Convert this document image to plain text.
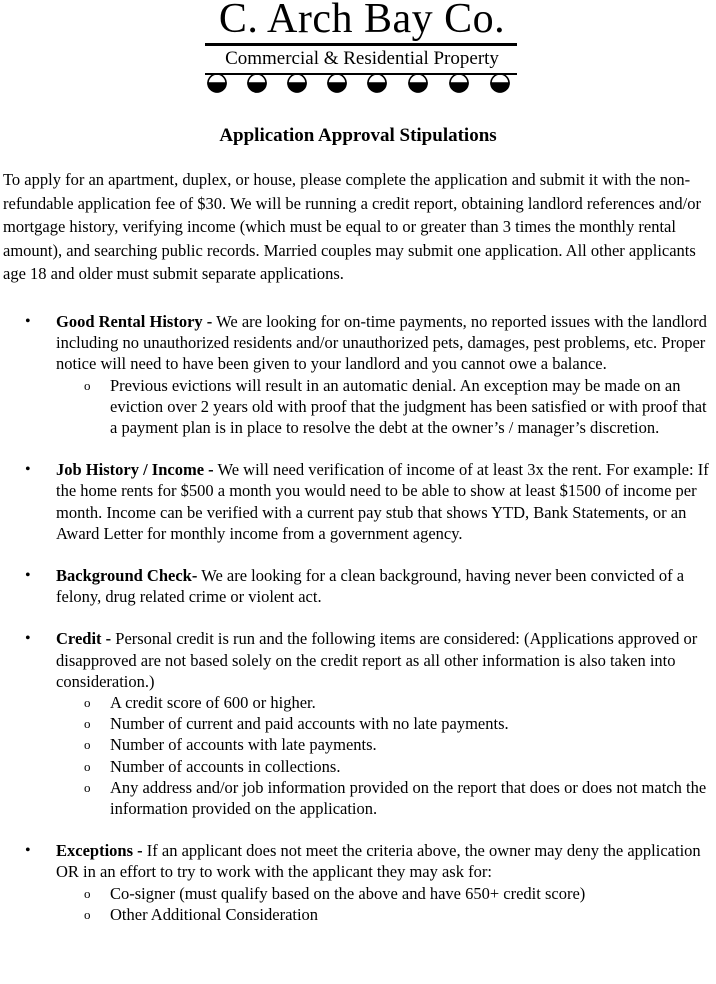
C. Arch Bay Co.
Commercial & Residential Property
Application Approval Stipulations
To apply for an apartment, duplex, or house, please complete the application and submit it with the non-refundable application fee of $30. We will be running a credit report, obtaining landlord references and/or mortgage history, verifying income (which must be equal to or greater than 3 times the monthly rental amount), and searching public records. Married couples may submit one application. All other applicants age 18 and older must submit separate applications.
• Good Rental History - We are looking for on-time payments, no reported issues with the landlord including no unauthorized residents and/or unauthorized pets, damages, pest problems, etc. Proper notice will need to have been given to your landlord and you cannot owe a balance.
o Previous evictions will result in an automatic denial. An exception may be made on an eviction over 2 years old with proof that the judgment has been satisfied or with proof that a payment plan is in place to resolve the debt at the owner’s / manager’s discretion.
• Job History / Income - We will need verification of income of at least 3x the rent. For example: If the home rents for $500 a month you would need to be able to show at least $1500 of income per month. Income can be verified with a current pay stub that shows YTD, Bank Statements, or an Award Letter for monthly income from a government agency.
• Background Check- We are looking for a clean background, having never been convicted of a felony, drug related crime or violent act.
• Credit - Personal credit is run and the following items are considered: (Applications approved or disapproved are not based solely on the credit report as all other information is also taken into consideration.)
o A credit score of 600 or higher.
o Number of current and paid accounts with no late payments.
o Number of accounts with late payments.
o Number of accounts in collections.
o Any address and/or job information provided on the report that does or does not match the information provided on the application.
• Exceptions - If an applicant does not meet the criteria above, the owner may deny the application OR in an effort to try to work with the applicant they may ask for:
o Co-signer (must qualify based on the above and have 650+ credit score)
o Other Additional Consideration
